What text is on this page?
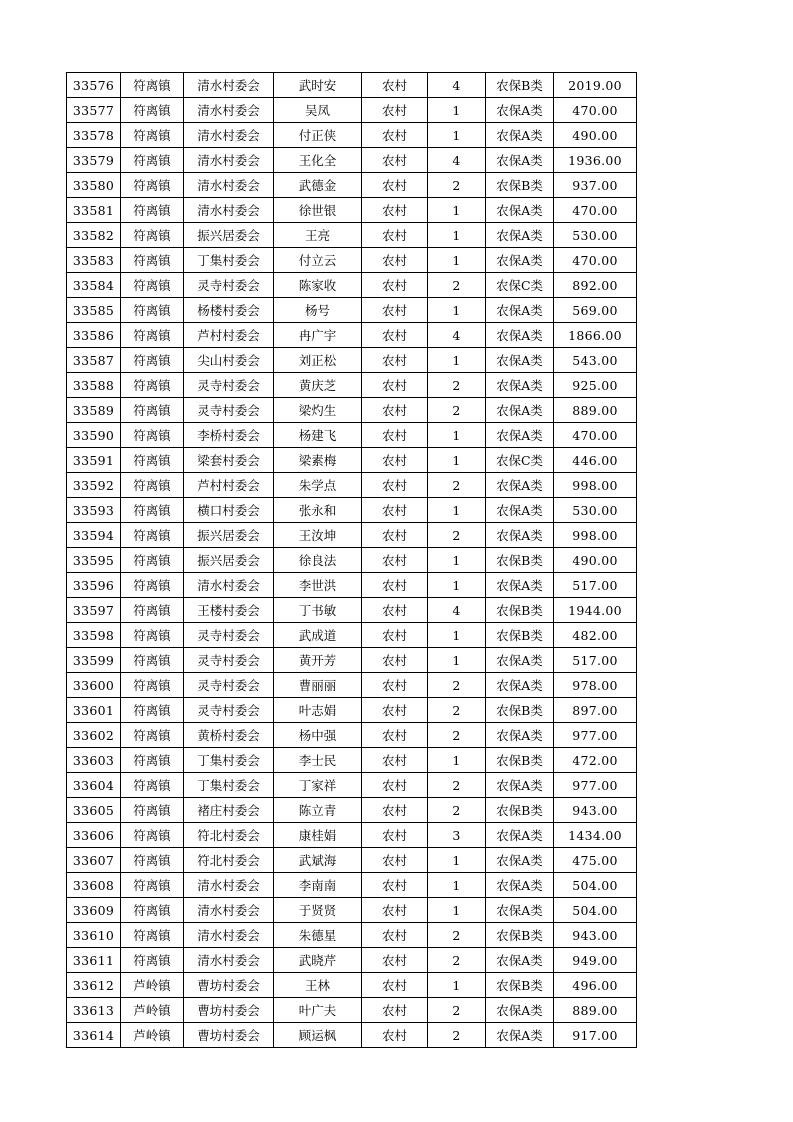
33576	符离镇	清水村委会	武时安	农村	4	农保B类	2019.00
33577	符离镇	清水村委会	吴凤	农村	1	农保A类	470.00
33578	符离镇	清水村委会	付正侠	农村	1	农保A类	490.00
33579	符离镇	清水村委会	王化全	农村	4	农保A类	1936.00
33580	符离镇	清水村委会	武德金	农村	2	农保B类	937.00
33581	符离镇	清水村委会	徐世银	农村	1	农保A类	470.00
33582	符离镇	振兴居委会	王亮	农村	1	农保A类	530.00
33583	符离镇	丁集村委会	付立云	农村	1	农保A类	470.00
33584	符离镇	灵寺村委会	陈家收	农村	2	农保C类	892.00
33585	符离镇	杨楼村委会	杨号	农村	1	农保A类	569.00
33586	符离镇	芦村村委会	冉广宇	农村	4	农保A类	1866.00
33587	符离镇	尖山村委会	刘正松	农村	1	农保A类	543.00
33588	符离镇	灵寺村委会	黄庆芝	农村	2	农保A类	925.00
33589	符离镇	灵寺村委会	梁灼生	农村	2	农保A类	889.00
33590	符离镇	李桥村委会	杨建飞	农村	1	农保A类	470.00
33591	符离镇	梁套村委会	梁素梅	农村	1	农保C类	446.00
33592	符离镇	芦村村委会	朱学点	农村	2	农保A类	998.00
33593	符离镇	横口村委会	张永和	农村	1	农保A类	530.00
33594	符离镇	振兴居委会	王汝坤	农村	2	农保A类	998.00
33595	符离镇	振兴居委会	徐良法	农村	1	农保B类	490.00
33596	符离镇	清水村委会	李世洪	农村	1	农保A类	517.00
33597	符离镇	王楼村委会	丁书敏	农村	4	农保B类	1944.00
33598	符离镇	灵寺村委会	武成道	农村	1	农保B类	482.00
33599	符离镇	灵寺村委会	黄开芳	农村	1	农保A类	517.00
33600	符离镇	灵寺村委会	曹丽丽	农村	2	农保A类	978.00
33601	符离镇	灵寺村委会	叶志娟	农村	2	农保B类	897.00
33602	符离镇	黄桥村委会	杨中强	农村	2	农保A类	977.00
33603	符离镇	丁集村委会	李士民	农村	1	农保B类	472.00
33604	符离镇	丁集村委会	丁家祥	农村	2	农保A类	977.00
33605	符离镇	褚庄村委会	陈立青	农村	2	农保B类	943.00
33606	符离镇	符北村委会	康桂娟	农村	3	农保A类	1434.00
33607	符离镇	符北村委会	武斌海	农村	1	农保A类	475.00
33608	符离镇	清水村委会	李南南	农村	1	农保A类	504.00
33609	符离镇	清水村委会	于贤贤	农村	1	农保A类	504.00
33610	符离镇	清水村委会	朱德星	农村	2	农保B类	943.00
33611	符离镇	清水村委会	武晓芹	农村	2	农保A类	949.00
33612	芦岭镇	曹坊村委会	王林	农村	1	农保B类	496.00
33613	芦岭镇	曹坊村委会	叶广夫	农村	2	农保A类	889.00
33614	芦岭镇	曹坊村委会	顾运枫	农村	2	农保A类	917.00
